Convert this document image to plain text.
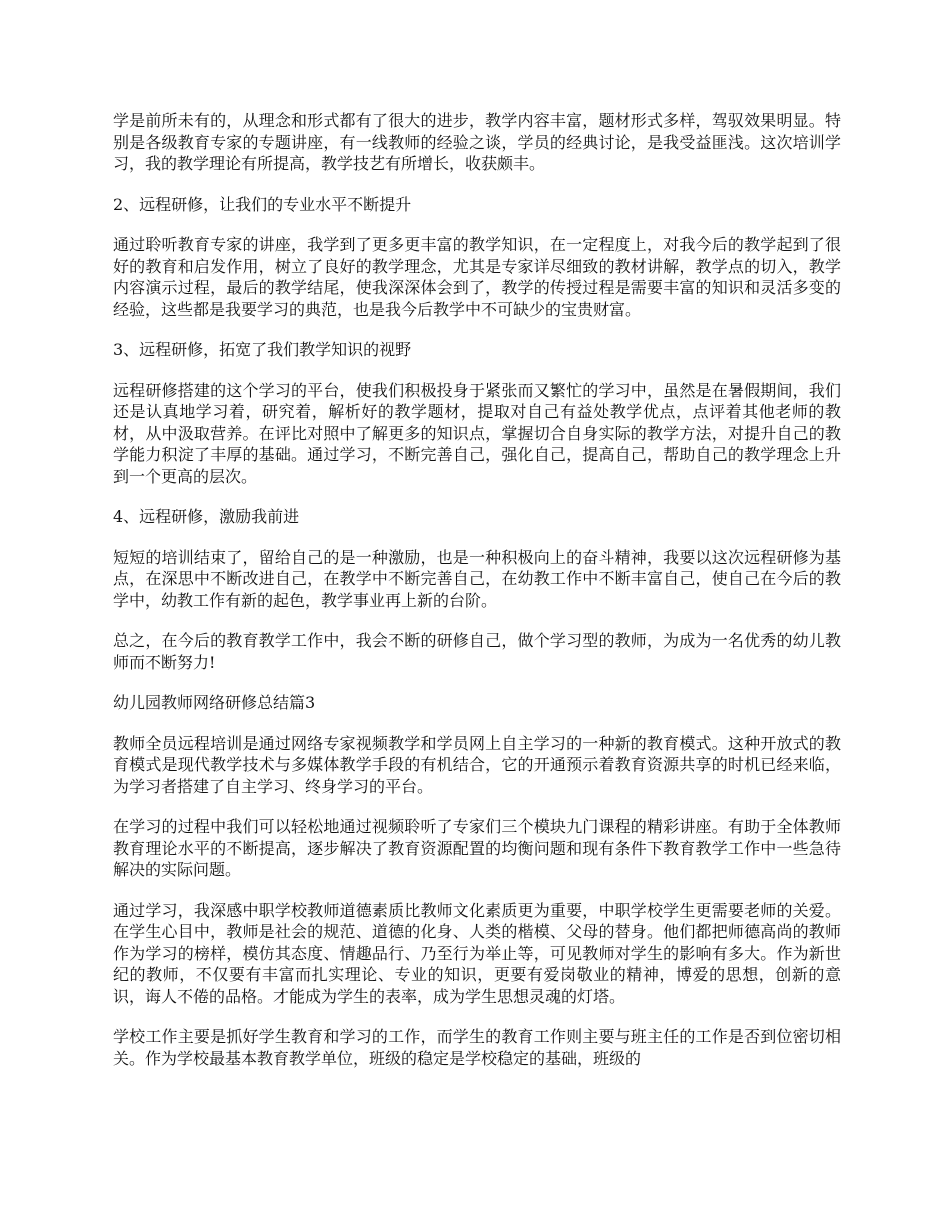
学是前所未有的，从理念和形式都有了很大的进步，教学内容丰富，题材形式多样，驾驭效果明显。特别是各级教育专家的专题讲座，有一线教师的经验之谈，学员的经典讨论，是我受益匪浅。这次培训学习，我的教学理论有所提高，教学技艺有所增长，收获颇丰。

2、远程研修，让我们的专业水平不断提升

通过聆听教育专家的讲座，我学到了更多更丰富的教学知识，在一定程度上，对我今后的教学起到了很好的教育和启发作用，树立了良好的教学理念，尤其是专家详尽细致的教材讲解，教学点的切入，教学内容演示过程，最后的教学结尾，使我深深体会到了，教学的传授过程是需要丰富的知识和灵活多变的经验，这些都是我要学习的典范，也是我今后教学中不可缺少的宝贵财富。

3、远程研修，拓宽了我们教学知识的视野

远程研修搭建的这个学习的平台，使我们积极投身于紧张而又繁忙的学习中，虽然是在暑假期间，我们还是认真地学习着，研究着，解析好的教学题材，提取对自己有益处教学优点，点评着其他老师的教材，从中汲取营养。在评比对照中了解更多的知识点，掌握切合自身实际的教学方法，对提升自己的教学能力积淀了丰厚的基础。通过学习，不断完善自己，强化自己，提高自己，帮助自己的教学理念上升到一个更高的层次。

4、远程研修，激励我前进

短短的培训结束了，留给自己的是一种激励，也是一种积极向上的奋斗精神，我要以这次远程研修为基点，在深思中不断改进自己，在教学中不断完善自己，在幼教工作中不断丰富自己，使自己在今后的教学中，幼教工作有新的起色，教学事业再上新的台阶。

总之，在今后的教育教学工作中，我会不断的研修自己，做个学习型的教师，为成为一名优秀的幼儿教师而不断努力!

幼儿园教师网络研修总结篇3

教师全员远程培训是通过网络专家视频教学和学员网上自主学习的一种新的教育模式。这种开放式的教育模式是现代教学技术与多媒体教学手段的有机结合，它的开通预示着教育资源共享的时机已经来临，为学习者搭建了自主学习、终身学习的平台。

在学习的过程中我们可以轻松地通过视频聆听了专家们三个模块九门课程的精彩讲座。有助于全体教师教育理论水平的不断提高，逐步解决了教育资源配置的均衡问题和现有条件下教育教学工作中一些急待解决的实际问题。

通过学习，我深感中职学校教师道德素质比教师文化素质更为重要，中职学校学生更需要老师的关爱。在学生心目中，教师是社会的规范、道德的化身、人类的楷模、父母的替身。他们都把师德高尚的教师作为学习的榜样，模仿其态度、情趣品行、乃至行为举止等，可见教师对学生的影响有多大。作为新世纪的教师，不仅要有丰富而扎实理论、专业的知识，更要有爱岗敬业的精神，博爱的思想，创新的意识，诲人不倦的品格。才能成为学生的表率，成为学生思想灵魂的灯塔。

学校工作主要是抓好学生教育和学习的工作，而学生的教育工作则主要与班主任的工作是否到位密切相关。作为学校最基本教育教学单位，班级的稳定是学校稳定的基础，班级的
